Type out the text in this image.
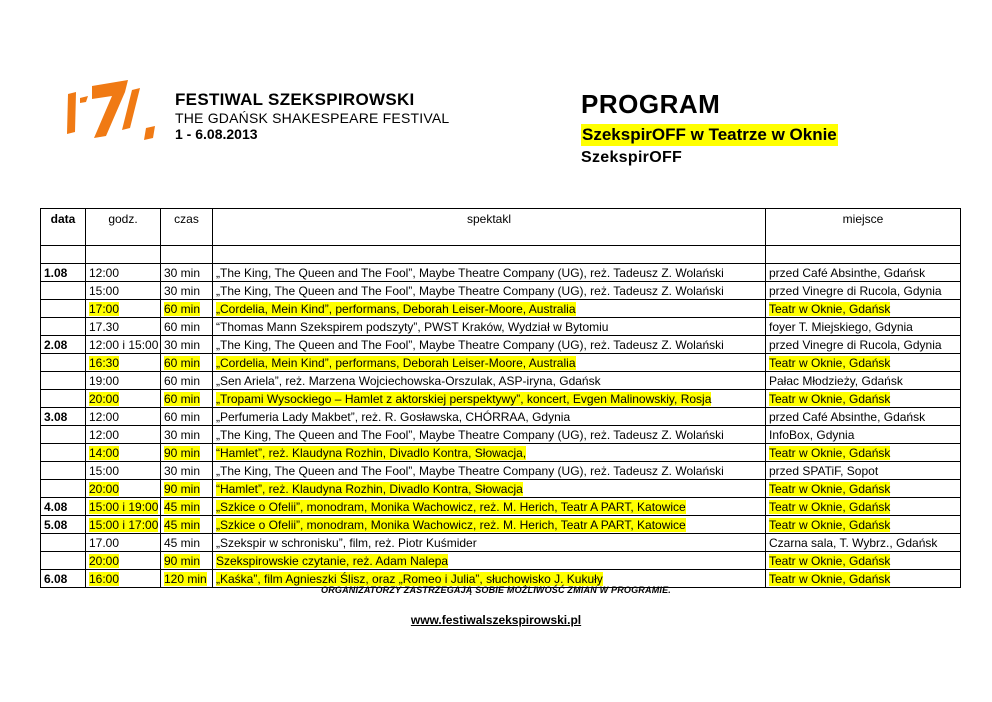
FESTIWAL SZEKSPIROWSKI
THE GDAŃSK SHAKESPEARE FESTIVAL
1 - 6.08.2013
PROGRAM
SzekspirOFF w Teatrze w Oknie
SzekspirOFF
data	godz.	czas	spektakl	miejsce

1.08	12:00	30 min	„The King, The Queen and The Fool”, Maybe Theatre Company (UG), reż. Tadeusz Z. Wolański	przed Café Absinthe, Gdańsk
	15:00	30 min	„The King, The Queen and The Fool”, Maybe Theatre Company (UG), reż. Tadeusz Z. Wolański	przed Vinegre di Rucola, Gdynia
	17:00	60 min	„Cordelia, Mein Kind”, performans, Deborah Leiser-Moore, Australia	Teatr w Oknie, Gdańsk
	17.30	60 min	“Thomas Mann Szekspirem podszyty”, PWST Kraków, Wydział w Bytomiu	foyer T. Miejskiego, Gdynia
2.08	12:00 i 15:00	30 min	„The King, The Queen and The Fool”, Maybe Theatre Company (UG), reż. Tadeusz Z. Wolański	przed Vinegre di Rucola, Gdynia
	16:30	60 min	„Cordelia, Mein Kind”, performans, Deborah Leiser-Moore, Australia	Teatr w Oknie, Gdańsk
	19:00	60 min	„Sen Ariela”, reż. Marzena Wojciechowska-Orszulak, ASP-iryna, Gdańsk	Pałac Młodzieży, Gdańsk
	20:00	60 min	„Tropami Wysockiego – Hamlet z aktorskiej perspektywy”, koncert, Evgen Malinowskiy, Rosja	Teatr w Oknie, Gdańsk
3.08	12:00	60 min	„Perfumeria Lady Makbet”, reż. R. Gosławska, CHÓRRAA, Gdynia	przed Café Absinthe, Gdańsk
	12:00	30 min	„The King, The Queen and The Fool”, Maybe Theatre Company (UG), reż. Tadeusz Z. Wolański	InfoBox, Gdynia
	14:00	90 min	“Hamlet”, reż. Klaudyna Rozhin, Divadlo Kontra, Słowacja,	Teatr w Oknie, Gdańsk
	15:00	30 min	„The King, The Queen and The Fool”, Maybe Theatre Company (UG), reż. Tadeusz Z. Wolański	przed SPATiF, Sopot
	20:00	90 min	“Hamlet”, reż. Klaudyna Rozhin, Divadlo Kontra, Słowacja	Teatr w Oknie, Gdańsk
4.08	15:00 i 19:00	45 min	„Szkice o Ofelii”, monodram, Monika Wachowicz, reż. M. Herich, Teatr A PART, Katowice	Teatr w Oknie, Gdańsk
5.08	15:00 i 17:00	45 min	„Szkice o Ofelii”, monodram, Monika Wachowicz, reż. M. Herich, Teatr A PART, Katowice	Teatr w Oknie, Gdańsk
	17.00	45 min	„Szekspir w schronisku”, film, reż. Piotr Kuśmider	Czarna sala, T. Wybrz., Gdańsk
	20:00	90 min	Szekspirowskie czytanie, reż. Adam Nalepa	Teatr w Oknie, Gdańsk
6.08	16:00	120 min	„Kaśka”, film Agnieszki Ślisz, oraz „Romeo i Julia”, słuchowisko J. Kukuły	Teatr w Oknie, Gdańsk
ORGANIZATORZY ZASTRZEGAJĄ SOBIE MOŻLIWOŚĆ ZMIAN W PROGRAMIE.
www.festiwalszekspirowski.pl
